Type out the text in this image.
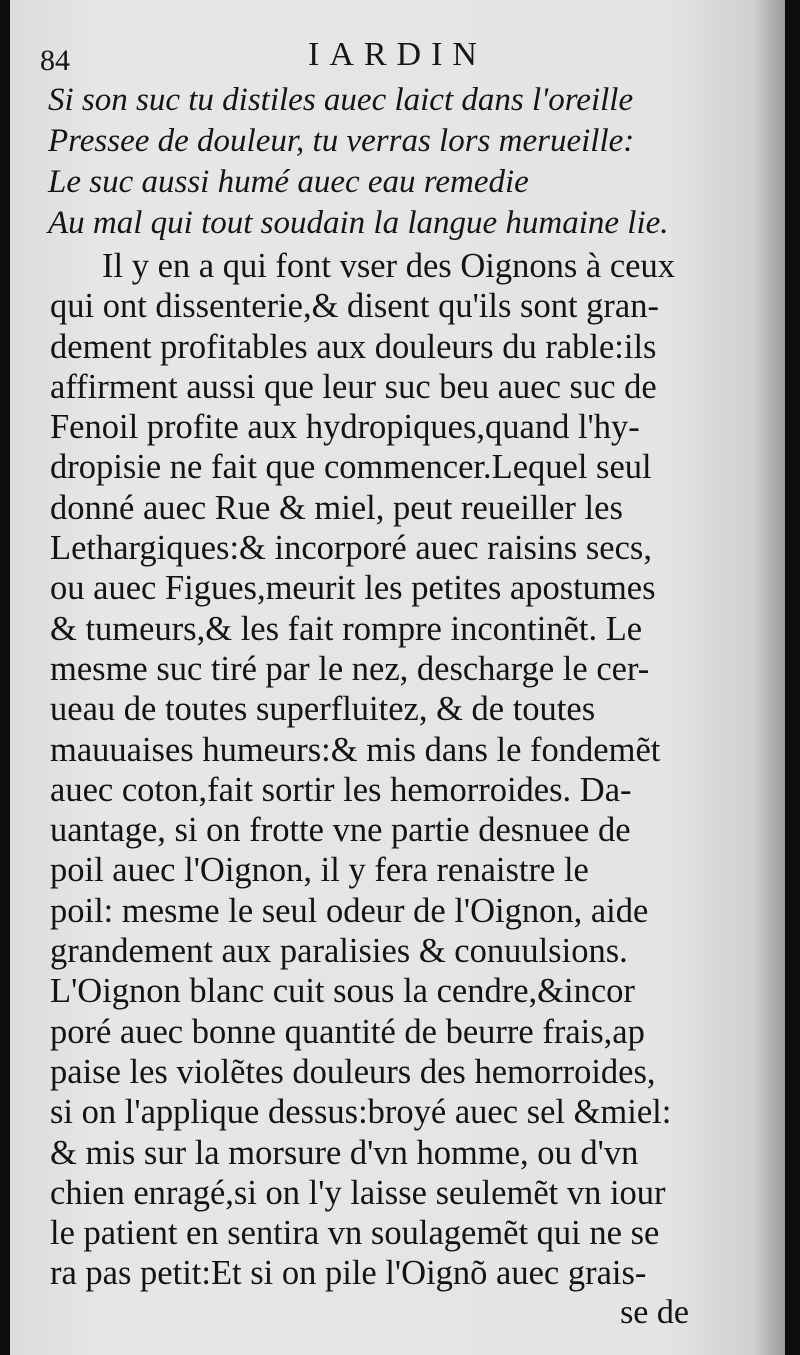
84	IARDIN
Si son suc tu distiles auec laict dans l'oreille
Pressee de douleur, tu verras lors merueille:
Le suc aussi humé auec eau remedie
Au mal qui tout soudain la langue humaine lie.
Il y en a qui font vser des Oignons à ceux
qui ont dissenterie,& disent qu'ils sont gran-
dement profitables aux douleurs du rable:ils
affirment aussi que leur suc beu auec suc de
Fenoil profite aux hydropiques,quand l'hy-
dropisie ne fait que commencer.Lequel seul
donné auec Rue & miel, peut reueiller les
Lethargiques:& incorporé auec raisins secs,
ou auec Figues,meurit les petites apostumes
& tumeurs,& les fait rompre incontinẽt. Le
mesme suc tiré par le nez, descharge le cer-
ueau de toutes superfluitez, & de toutes
mauuaises humeurs:& mis dans le fondemẽt
auec coton,fait sortir les hemorroides. Da-
uantage, si on frotte vne partie desnuee de
poil auec l'Oignon, il y fera renaistre le
poil: mesme le seul odeur de l'Oignon, aide
grandement aux paralisies & conuulsions.
L'Oignon blanc cuit sous la cendre,&incor
poré auec bonne quantité de beurre frais,ap
paise les violẽtes douleurs des hemorroides,
si on l'applique dessus:broyé auec sel &miel:
& mis sur la morsure d'vn homme, ou d'vn
chien enragé,si on l'y laisse seulemẽt vn iour
le patient en sentira vn soulagemẽt qui ne se
ra pas petit:Et si on pile l'Oignõ auec grais-
se de
